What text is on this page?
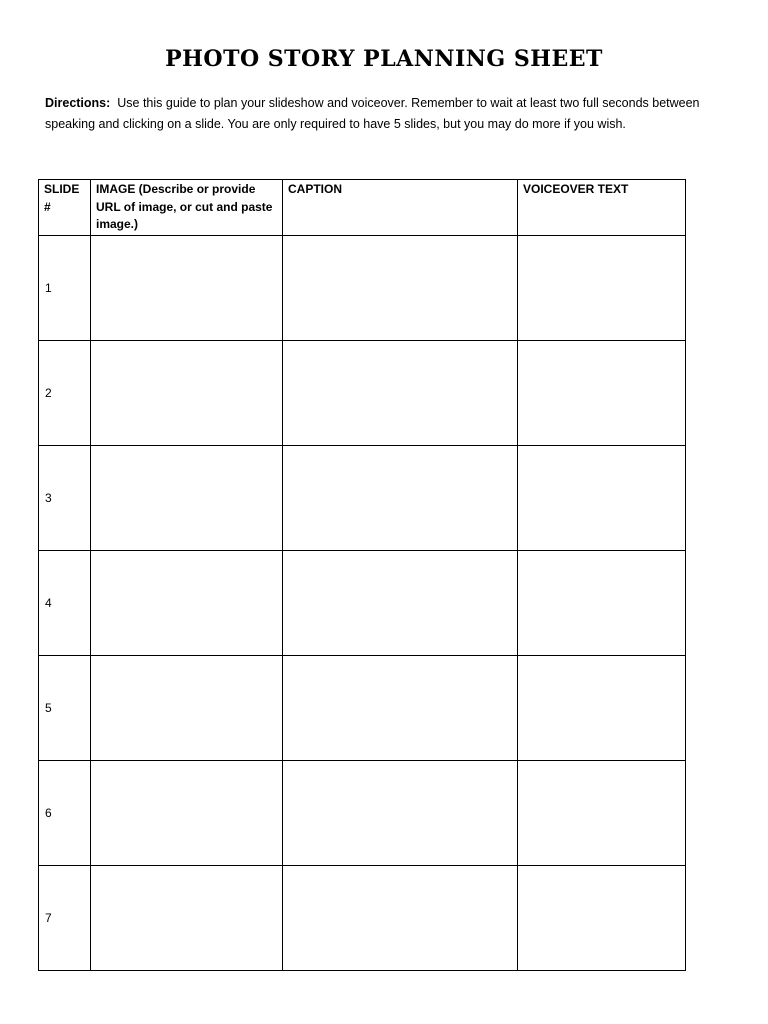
PHOTO STORY PLANNING SHEET

Directions: Use this guide to plan your slideshow and voiceover. Remember to wait at least two full seconds between speaking and clicking on a slide. You are only required to have 5 slides, but you may do more if you wish.

SLIDE
#	IMAGE (Describe or provide URL of image, or cut and paste image.)	CAPTION	VOICEOVER TEXT
1			
2			
3			
4			
5			
6			
7			
